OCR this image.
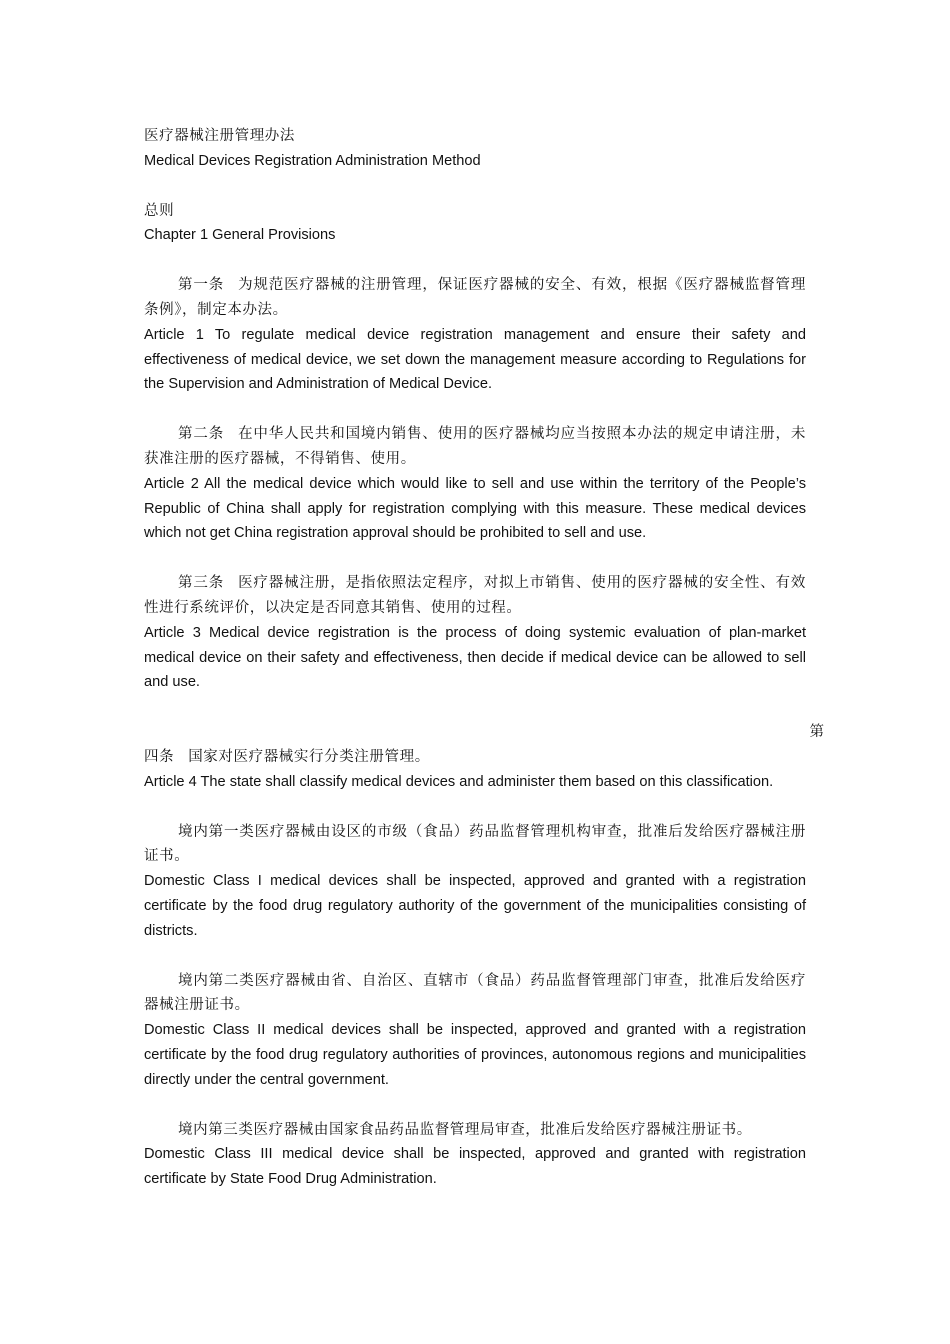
医疗器械注册管理办法

Medical Devices Registration Administration Method

总则

Chapter 1 General Provisions

第一条 为规范医疗器械的注册管理，保证医疗器械的安全、有效，根据《医疗器械监督管理条例》，制定本办法。

Article 1 To regulate medical device registration management and ensure their safety and effectiveness of medical device, we set down the management measure according to Regulations for the Supervision and Administration of Medical Device.

第二条 在中华人民共和国境内销售、使用的医疗器械均应当按照本办法的规定申请注册，未获准注册的医疗器械，不得销售、使用。

Article 2 All the medical device which would like to sell and use within the territory of the People’s Republic of China shall apply for registration complying with this measure. These medical devices which not get China registration approval should be prohibited to sell and use.

第三条 医疗器械注册，是指依照法定程序，对拟上市销售、使用的医疗器械的安全性、有效性进行系统评价，以决定是否同意其销售、使用的过程。

Article 3 Medical device registration is the process of doing systemic evaluation of plan-market medical device on their safety and effectiveness, then decide if medical device can be allowed to sell and use.

第

四条 国家对医疗器械实行分类注册管理。

Article 4 The state shall classify medical devices and administer them based on this classification.

境内第一类医疗器械由设区的市级（食品）药品监督管理机构审查，批准后发给医疗器械注册证书。

Domestic Class I medical devices shall be inspected, approved and granted with a registration certificate by the food drug regulatory authority of the government of the municipalities consisting of districts.

境内第二类医疗器械由省、自治区、直辖市（食品）药品监督管理部门审查，批准后发给医疗器械注册证书。

Domestic Class II medical devices shall be inspected, approved and granted with a registration certificate by the food drug regulatory authorities of provinces, autonomous regions and municipalities directly under the central government.

境内第三类医疗器械由国家食品药品监督管理局审查，批准后发给医疗器械注册证书。

Domestic Class III medical device shall be inspected, approved and granted with registration certificate by State Food Drug Administration.
